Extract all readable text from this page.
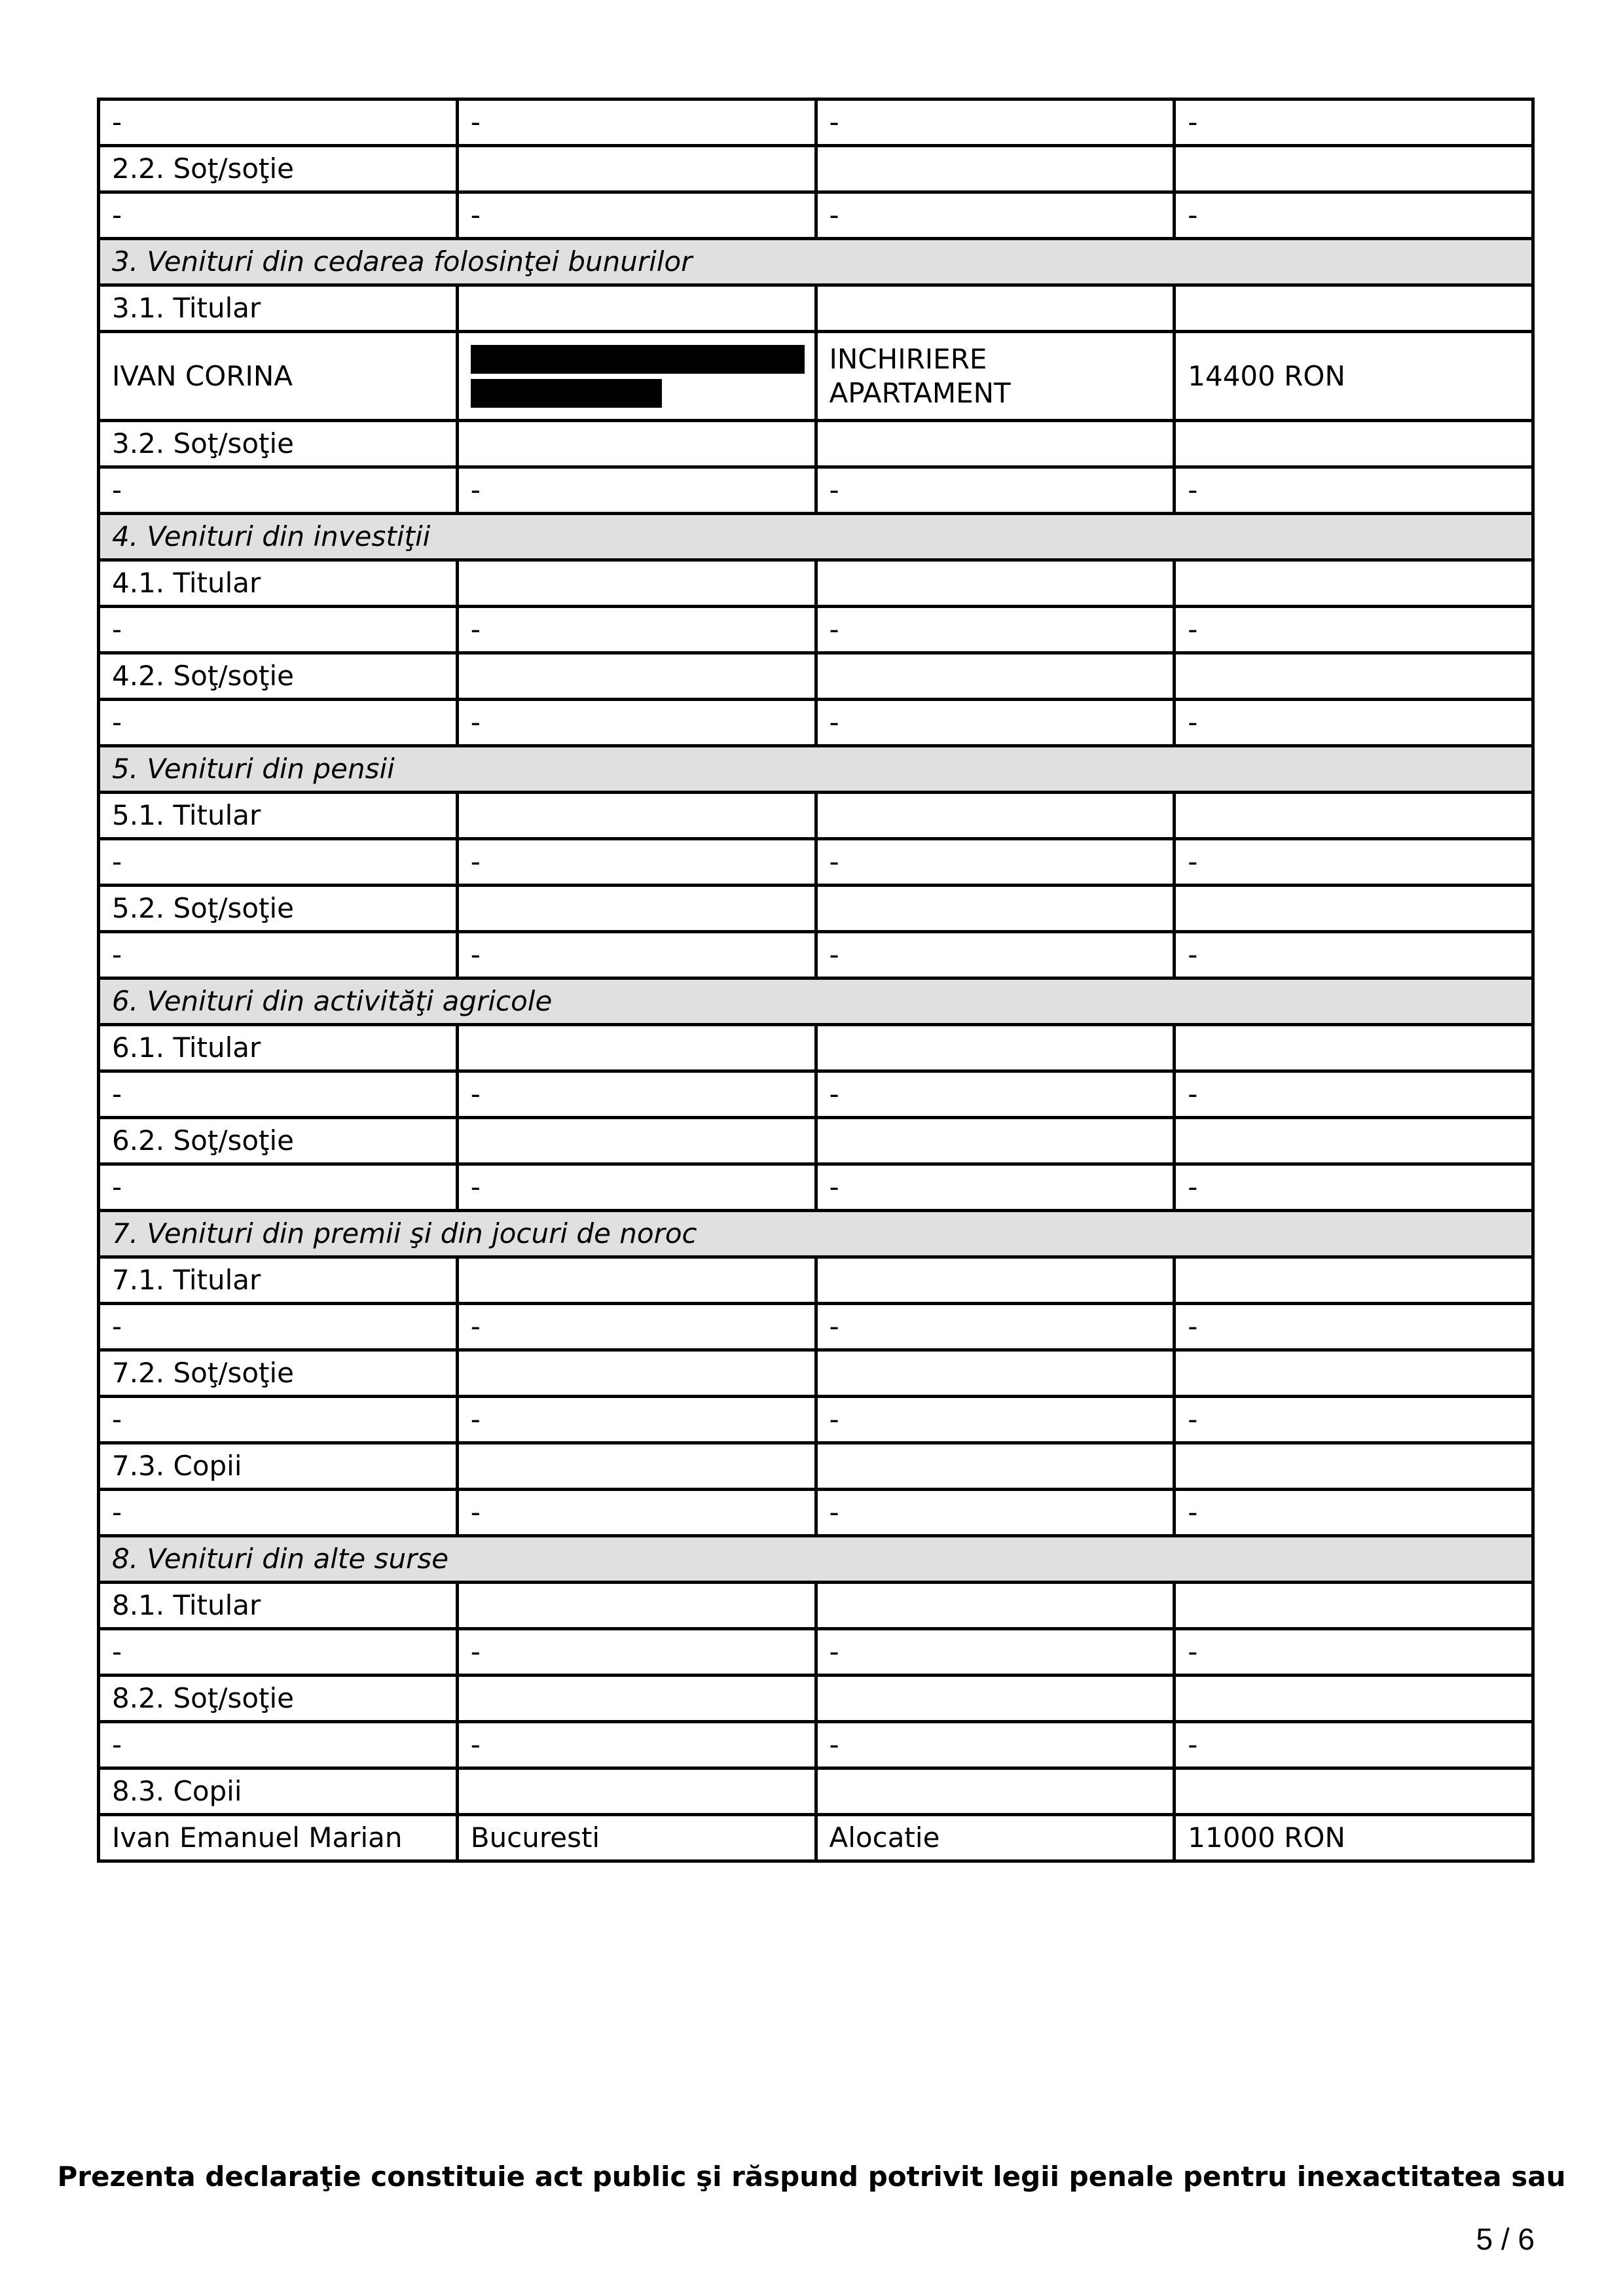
-	-	-	-
2.2. Soţ/soţie			
-	-	-	-
3. Venituri din cedarea folosinţei bunurilor			
3.1. Titular			
IVAN CORINA		INCHIRIERE APARTAMENT	14400 RON
3.2. Soţ/soţie			
-	-	-	-
4. Venituri din investiţii			
4.1. Titular			
-	-	-	-
4.2. Soţ/soţie			
-	-	-	-
5. Venituri din pensii			
5.1. Titular			
-	-	-	-
5.2. Soţ/soţie			
-	-	-	-
6. Venituri din activităţi agricole			
6.1. Titular			
-	-	-	-
6.2. Soţ/soţie			
-	-	-	-
7. Venituri din premii şi din jocuri de noroc			
7.1. Titular			
-	-	-	-
7.2. Soţ/soţie			
-	-	-	-
7.3. Copii			
-	-	-	-
8. Venituri din alte surse			
8.1. Titular			
-	-	-	-
8.2. Soţ/soţie			
-	-	-	-
8.3. Copii			
Ivan Emanuel Marian	Bucuresti	Alocatie	11000 RON
Prezenta declaraţie constituie act public şi răspund potrivit legii penale pentru inexactitatea sau
5 / 6
